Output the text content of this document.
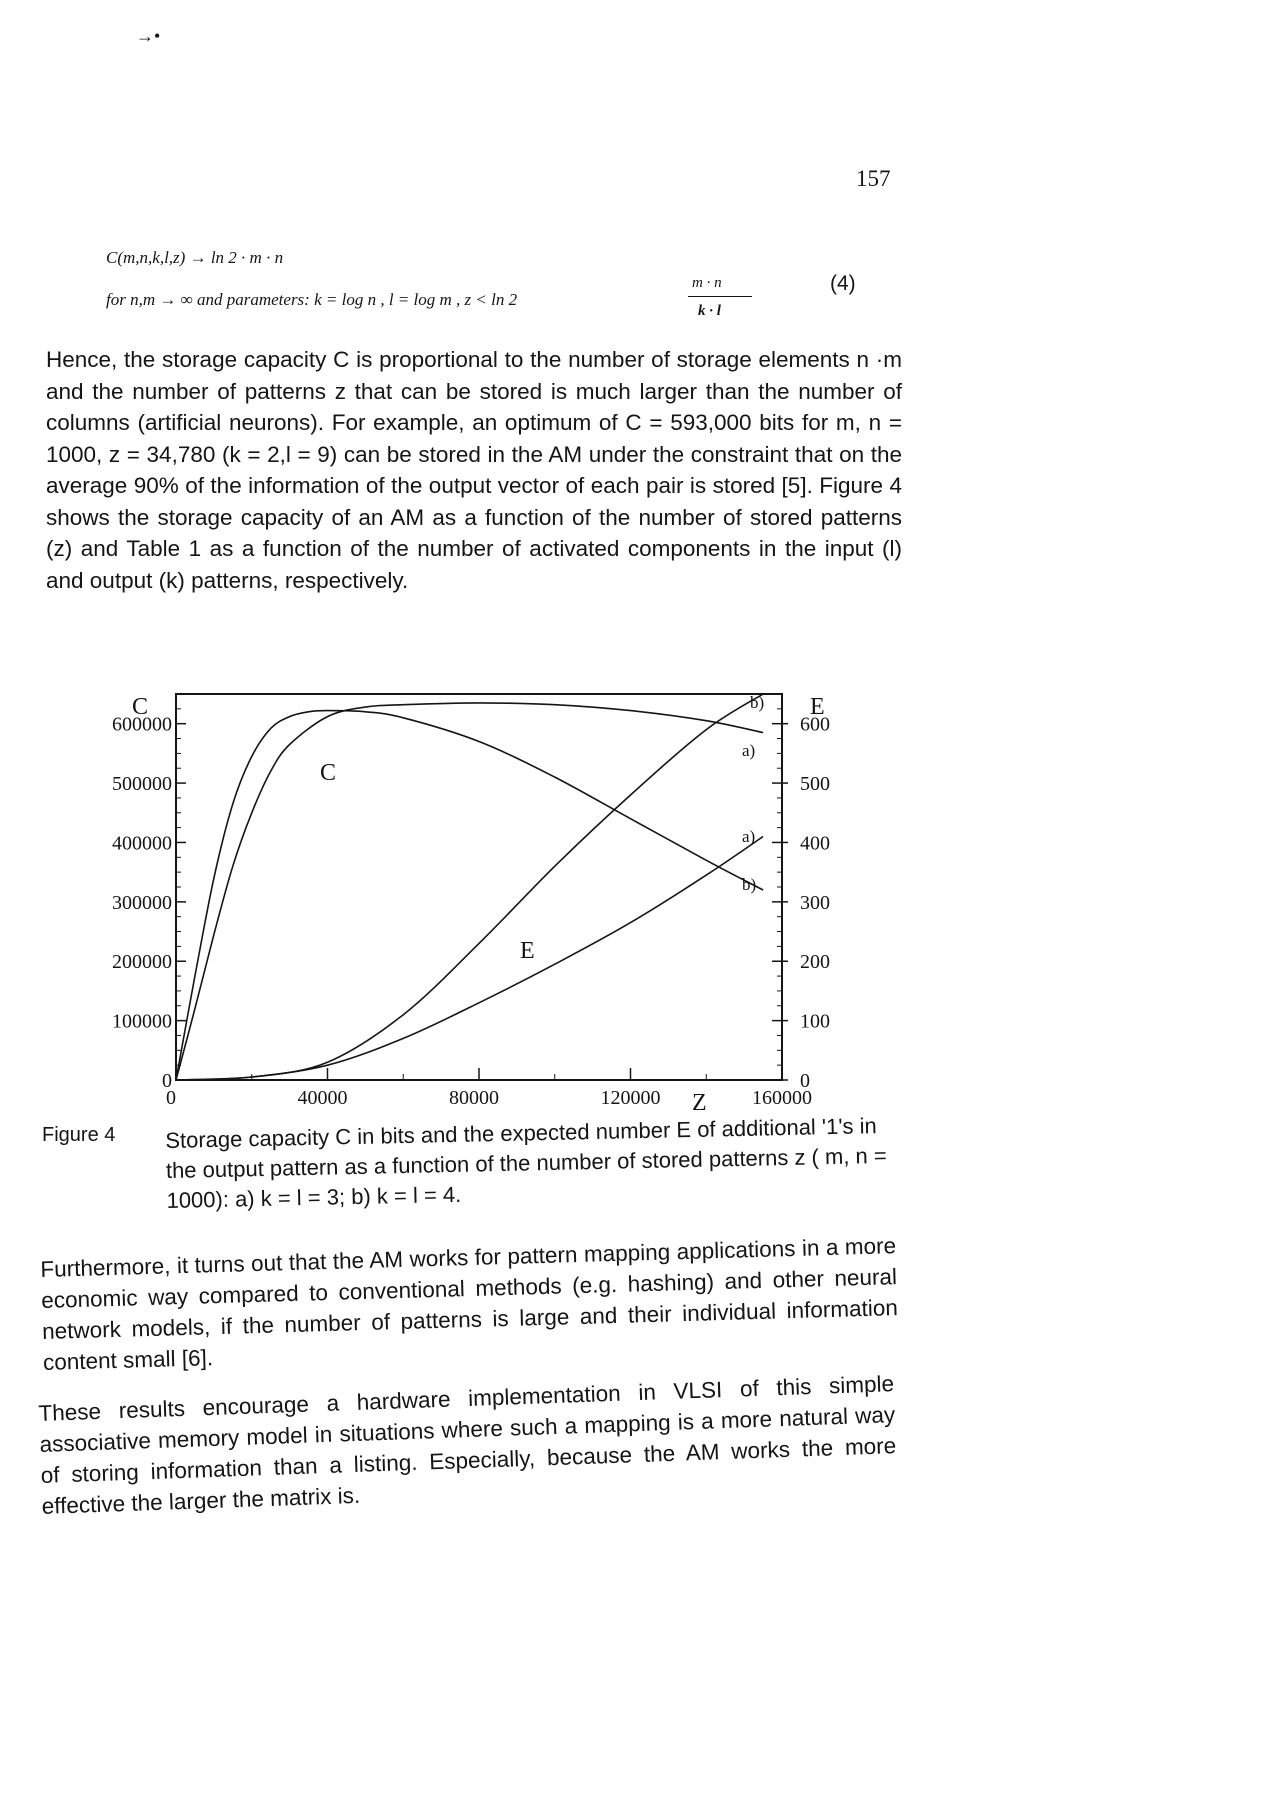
→•
157
C(m,n,k,l,z) → ln 2 · m · n
for n,m → ∞ and parameters: k = log n , l = log m , z < ln 2
m · n
k · l
(4)
Hence, the storage capacity C is proportional to the number of storage elements n ·m and the number of patterns z that can be stored is much larger than the number of columns (artificial neurons). For example, an optimum of C = 593,000 bits for m, n = 1000, z = 34,780 (k = 2,l = 9) can be stored in the AM under the constraint that on the average 90% of the information of the output vector of each pair is stored [5]. Figure 4 shows the storage capacity of an AM as a function of the number of stored patterns (z) and Table 1 as a function of the number of activated components in the input (l) and output (k) patterns, respectively.
0
100000
200000
300000
400000
500000
600000
0
100
200
300
400
500
600
0	40000	80000	120000	160000
C	E
Z
C
E
b)
a)
a)
b)
Figure 4 Storage capacity C in bits and the expected number E of additional '1's in the output pattern as a function of the number of stored patterns z ( m, n = 1000): a) k = l = 3; b) k = l = 4.
Furthermore, it turns out that the AM works for pattern mapping applications in a more economic way compared to conventional methods (e.g. hashing) and other neural network models, if the number of patterns is large and their individual information content small [6].
These results encourage a hardware implementation in VLSI of this simple associative memory model in situations where such a mapping is a more natural way of storing information than a listing. Especially, because the AM works the more effective the larger the matrix is.
